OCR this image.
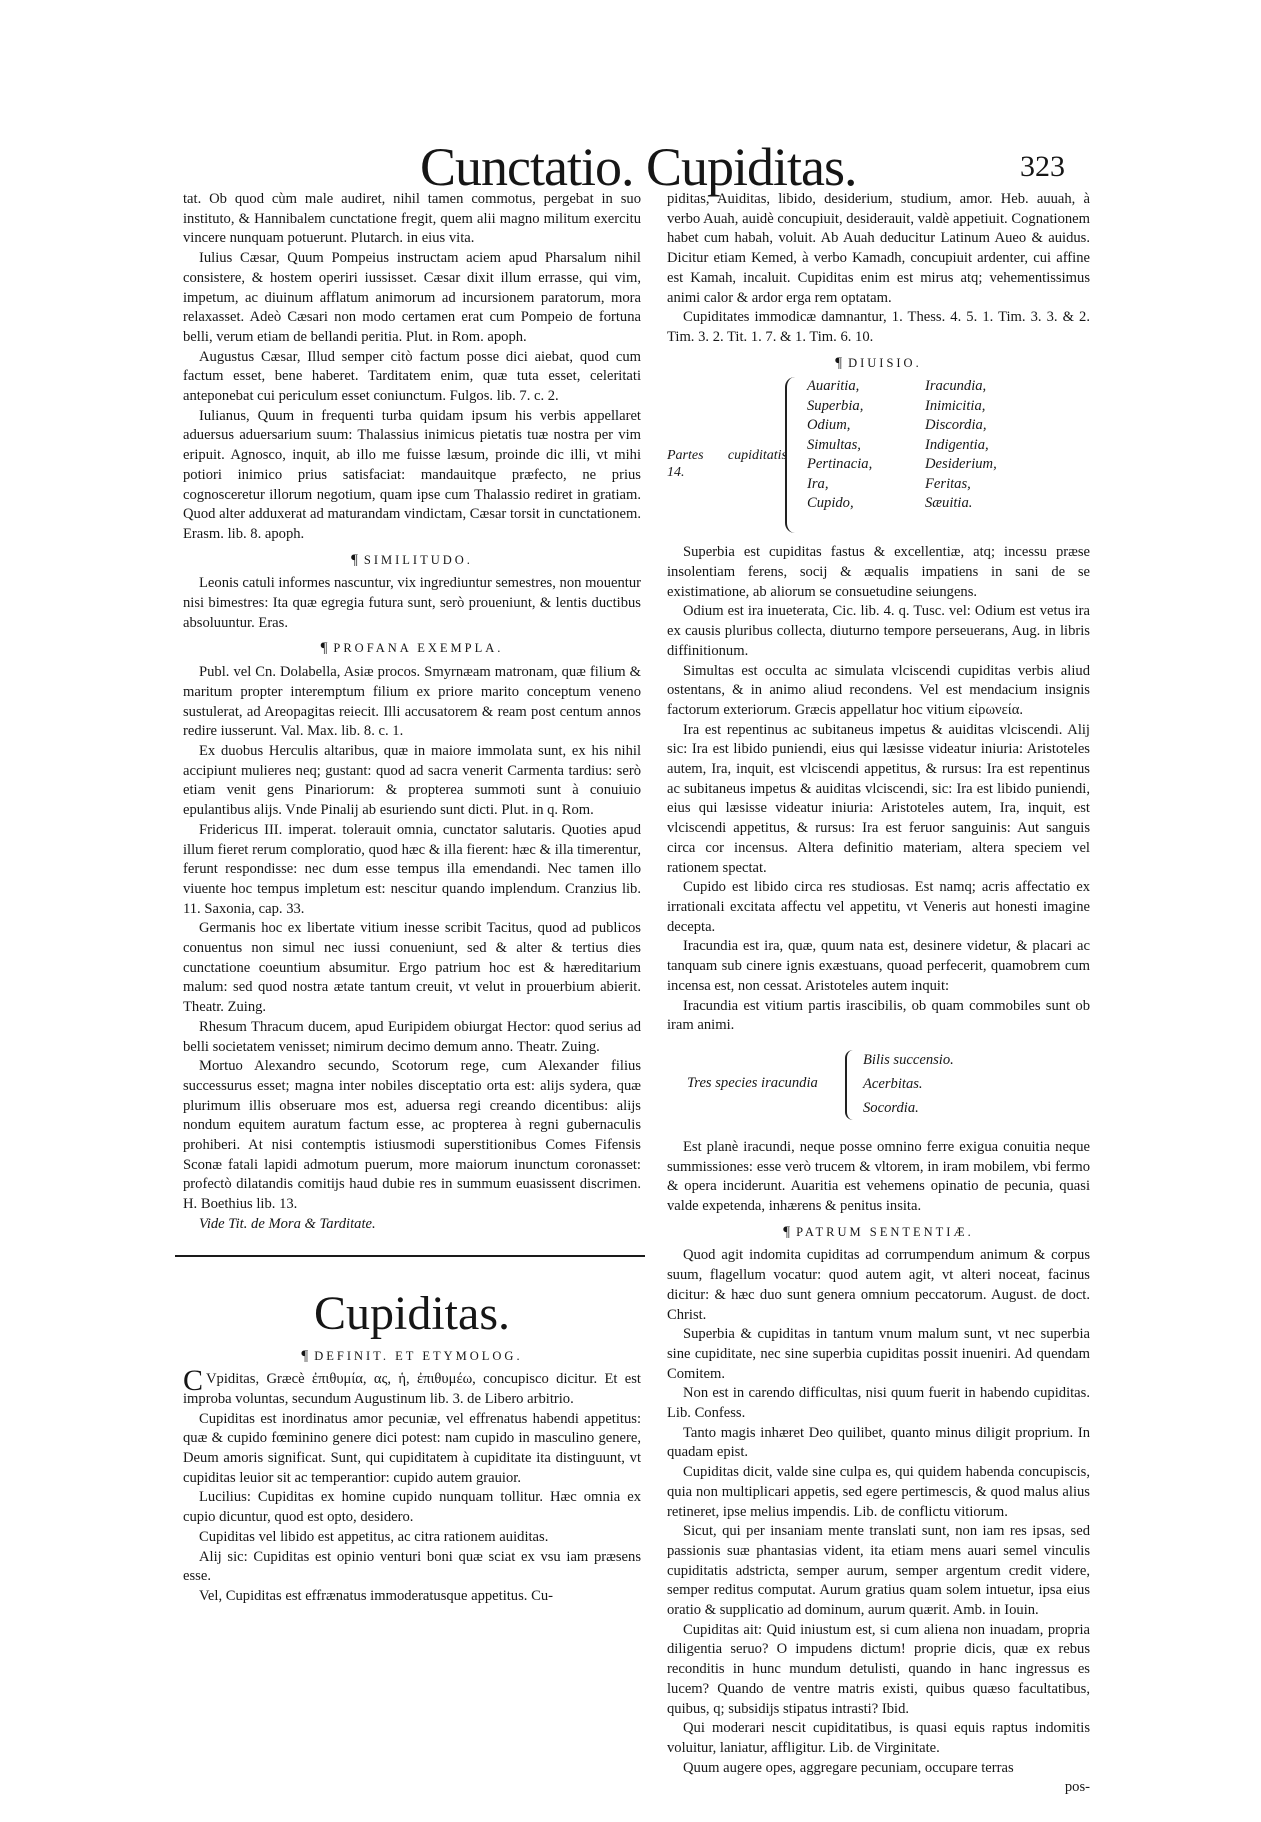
Cunctatio. Cupiditas.	323

tat. Ob quod cùm male audiret, nihil tamen commotus, pergebat in suo instituto, & Hannibalem cunctatione fregit, quem alii magno militum exercitu vincere nunquam potuerunt. Plutarch. in eius vita.

Iulius Cæsar, Quum Pompeius instructam aciem apud Pharsalum nihil consistere, & hostem operiri iussisset. Cæsar dixit illum errasse, qui vim, impetum, ac diuinum afflatum animorum ad incursionem paratorum, mora relaxasset. Adeò Cæsari non modo certamen erat cum Pompeio de fortuna belli, verum etiam de bellandi peritia. Plut. in Rom. apoph.

Augustus Cæsar, Illud semper citò factum posse dici aiebat, quod cum factum esset, bene haberet. Tarditatem enim, quæ tuta esset, celeritati anteponebat cui periculum esset coniunctum. Fulgos. lib. 7. c. 2.

Iulianus, Quum in frequenti turba quidam ipsum his verbis appellaret aduersus aduersarium suum: Thalassius inimicus pietatis tuæ nostra per vim eripuit. Agnosco, inquit, ab illo me fuisse læsum, proinde dic illi, vt mihi potiori inimico prius satisfaciat: mandauitque præfecto, ne prius cognosceretur illorum negotium, quam ipse cum Thalassio rediret in gratiam. Quod alter adduxerat ad maturandam vindictam, Cæsar torsit in cunctationem. Erasm. lib. 8. apoph.

¶ SIMILITUDO.

Leonis catuli informes nascuntur, vix ingrediuntur semestres, non mouentur nisi bimestres: Ita quæ egregia futura sunt, serò proueniunt, & lentis ductibus absoluuntur. Eras.

¶ PROFANA EXEMPLA.

Publ. vel Cn. Dolabella, Asiæ procos. Smyrnæam matronam, quæ filium & maritum propter interemptum filium ex priore marito conceptum veneno sustulerat, ad Areopagitas reiecit. Illi accusatorem & ream post centum annos redire iusserunt. Val. Max. lib. 8. c. 1.

Ex duobus Herculis altaribus, quæ in maiore immolata sunt, ex his nihil accipiunt mulieres neq; gustant: quod ad sacra venerit Carmenta tardius: serò etiam venit gens Pinariorum: & propterea summoti sunt à conuiuio epulantibus alijs. Vnde Pinalij ab esuriendo sunt dicti. Plut. in q. Rom.

Fridericus III. imperat. tolerauit omnia, cunctator salutaris. Quoties apud illum fieret rerum comploratio, quod hæc & illa fierent: hæc & illa timerentur, ferunt respondisse: nec dum esse tempus illa emendandi. Nec tamen illo viuente hoc tempus impletum est: nescitur quando implendum. Cranzius lib. 11. Saxonia, cap. 33.

Germanis hoc ex libertate vitium inesse scribit Tacitus, quod ad publicos conuentus non simul nec iussi conueniunt, sed & alter & tertius dies cunctatione coeuntium absumitur. Ergo patrium hoc est & hæreditarium malum: sed quod nostra ætate tantum creuit, vt velut in prouerbium abierit. Theatr. Zuing.

Rhesum Thracum ducem, apud Euripidem obiurgat Hector: quod serius ad belli societatem venisset; nimirum decimo demum anno. Theatr. Zuing.

Mortuo Alexandro secundo, Scotorum rege, cum Alexander filius successurus esset; magna inter nobiles disceptatio orta est: alijs sydera, quæ plurimum illis obseruare mos est, aduersa regi creando dicentibus: alijs nondum equitem auratum factum esse, ac propterea à regni gubernaculis prohiberi. At nisi contemptis istiusmodi superstitionibus Comes Fifensis Sconæ fatali lapidi admotum puerum, more maiorum inunctum coronasset: profectò dilatandis comitijs haud dubie res in summum euasissent discrimen. H. Boethius lib. 13.

Vide Tit. de Mora & Tarditate.

Cupiditas.
¶ DEFINIT. ET ETYMOLOG.

C Vpiditas, Græcè ἐπιθυμία, ας, ἡ, ἐπιθυμέω, concupisco dicitur. Et est improba voluntas, secundum Augustinum lib. 3. de Libero arbitrio.

Cupiditas est inordinatus amor pecuniæ, vel effrenatus habendi appetitus: quæ & cupido fœminino genere dici potest: nam cupido in masculino genere, Deum amoris significat. Sunt, qui cupiditatem à cupiditate ita distinguunt, vt cupiditas leuior sit ac temperantior: cupido autem grauior.

Lucilius: Cupiditas ex homine cupido nunquam tollitur. Hæc omnia ex cupio dicuntur, quod est opto, desidero.

Cupiditas vel libido est appetitus, ac citra rationem auiditas.

Alij sic: Cupiditas est opinio venturi boni quæ sciat ex vsu iam præsens esse.

Vel, Cupiditas est effrænatus immoderatusque appetitus. Cu-

piditas, Auiditas, libido, desiderium, studium, amor. Heb. auuah, à verbo Auah, auidè concupiuit, desiderauit, valdè appetiuit. Cognationem habet cum habah, voluit. Ab Auah deducitur Latinum Aueo & auidus. Dicitur etiam Kemed, à verbo Kamadh, concupiuit ardenter, cui affine est Kamah, incaluit. Cupiditas enim est mirus atq; vehementissimus animi calor & ardor erga rem optatam.

Cupiditates immodicæ damnantur, 1. Thess. 4. 5. 1. Tim. 3. 3. & 2. Tim. 3. 2. Tit. 1. 7. & 1. Tim. 6. 10.

¶ DIUISIO.
Partes cupiditatis 14.
Auaritia,
Superbia,
Odium,
Simultas,
Pertinacia,
Ira,
Cupido,
Iracundia,
Inimicitia,
Discordia,
Indigentia,
Desiderium,
Feritas,
Sæuitia.

Superbia est cupiditas fastus & excellentiæ, atq; incessu præse insolentiam ferens, socij & æqualis impatiens in sani de se existimatione, ab aliorum se consuetudine seiungens.

Odium est ira inueterata, Cic. lib. 4. q. Tusc. vel: Odium est vetus ira ex causis pluribus collecta, diuturno tempore perseuerans, Aug. in libris diffinitionum.

Simultas est occulta ac simulata vlciscendi cupiditas verbis aliud ostentans, & in animo aliud recondens. Vel est mendacium insignis factorum exteriorum. Græcis appellatur hoc vitium εἰρωνεία.

Ira est repentinus ac subitaneus impetus & auiditas vlciscendi. Alij sic: Ira est libido puniendi, eius qui læsisse videatur iniuria: Aristoteles autem, Ira, inquit, est vlciscendi appetitus, & rursus: Ira est repentinus ac subitaneus impetus & auiditas vlciscendi, sic: Ira est libido puniendi, eius qui læsisse videatur iniuria: Aristoteles autem, Ira, inquit, est vlciscendi appetitus, & rursus: Ira est feruor sanguinis: Aut sanguis circa cor incensus. Altera definitio materiam, altera speciem vel rationem spectat.

Cupido est libido circa res studiosas. Est namq; acris affectatio ex irrationali excitata affectu vel appetitu, vt Veneris aut honesti imagine decepta.

Iracundia est ira, quæ, quum nata est, desinere videtur, & placari ac tanquam sub cinere ignis exæstuans, quoad perfecerit, quamobrem cum incensa est, non cessat. Aristoteles autem inquit:

Iracundia est vitium partis irascibilis, ob quam commobiles sunt ob iram animi.

Tres species iracundia
Bilis succensio.
Acerbitas.
Socordia.

Est planè iracundi, neque posse omnino ferre exigua conuitia neque summissiones: esse verò trucem & vltorem, in iram mobilem, vbi fermo & opera inciderunt. Auaritia est vehemens opinatio de pecunia, quasi valde expetenda, inhærens & penitus insita.

¶ PATRUM SENTENTIÆ.

Quod agit indomita cupiditas ad corrumpendum animum & corpus suum, flagellum vocatur: quod autem agit, vt alteri noceat, facinus dicitur: & hæc duo sunt genera omnium peccatorum. August. de doct. Christ.

Superbia & cupiditas in tantum vnum malum sunt, vt nec superbia sine cupiditate, nec sine superbia cupiditas possit inueniri. Ad quendam Comitem.

Non est in carendo difficultas, nisi quum fuerit in habendo cupiditas. Lib. Confess.

Tanto magis inhæret Deo quilibet, quanto minus diligit proprium. In quadam epist.

Cupiditas dicit, valde sine culpa es, qui quidem habenda concupiscis, quia non multiplicari appetis, sed egere pertimescis, & quod malus alius retineret, ipse melius impendis. Lib. de conflictu vitiorum.

Sicut, qui per insaniam mente translati sunt, non iam res ipsas, sed passionis suæ phantasias vident, ita etiam mens auari semel vinculis cupiditatis adstricta, semper aurum, semper argentum credit videre, semper reditus computat. Aurum gratius quam solem intuetur, ipsa eius oratio & supplicatio ad dominum, aurum quærit. Amb. in Iouin.

Cupiditas ait: Quid iniustum est, si cum aliena non inuadam, propria diligentia seruo? O impudens dictum! proprie dicis, quæ ex rebus reconditis in hunc mundum detulisti, quando in hanc ingressus es lucem? Quando de ventre matris existi, quibus quæso facultatibus, quibus, q; subsidijs stipatus intrasti? Ibid.

Qui moderari nescit cupiditatibus, is quasi equis raptus indomitis voluitur, laniatur, affligitur. Lib. de Virginitate.

Quum augere opes, aggregare pecuniam, occupare terras

pos-
